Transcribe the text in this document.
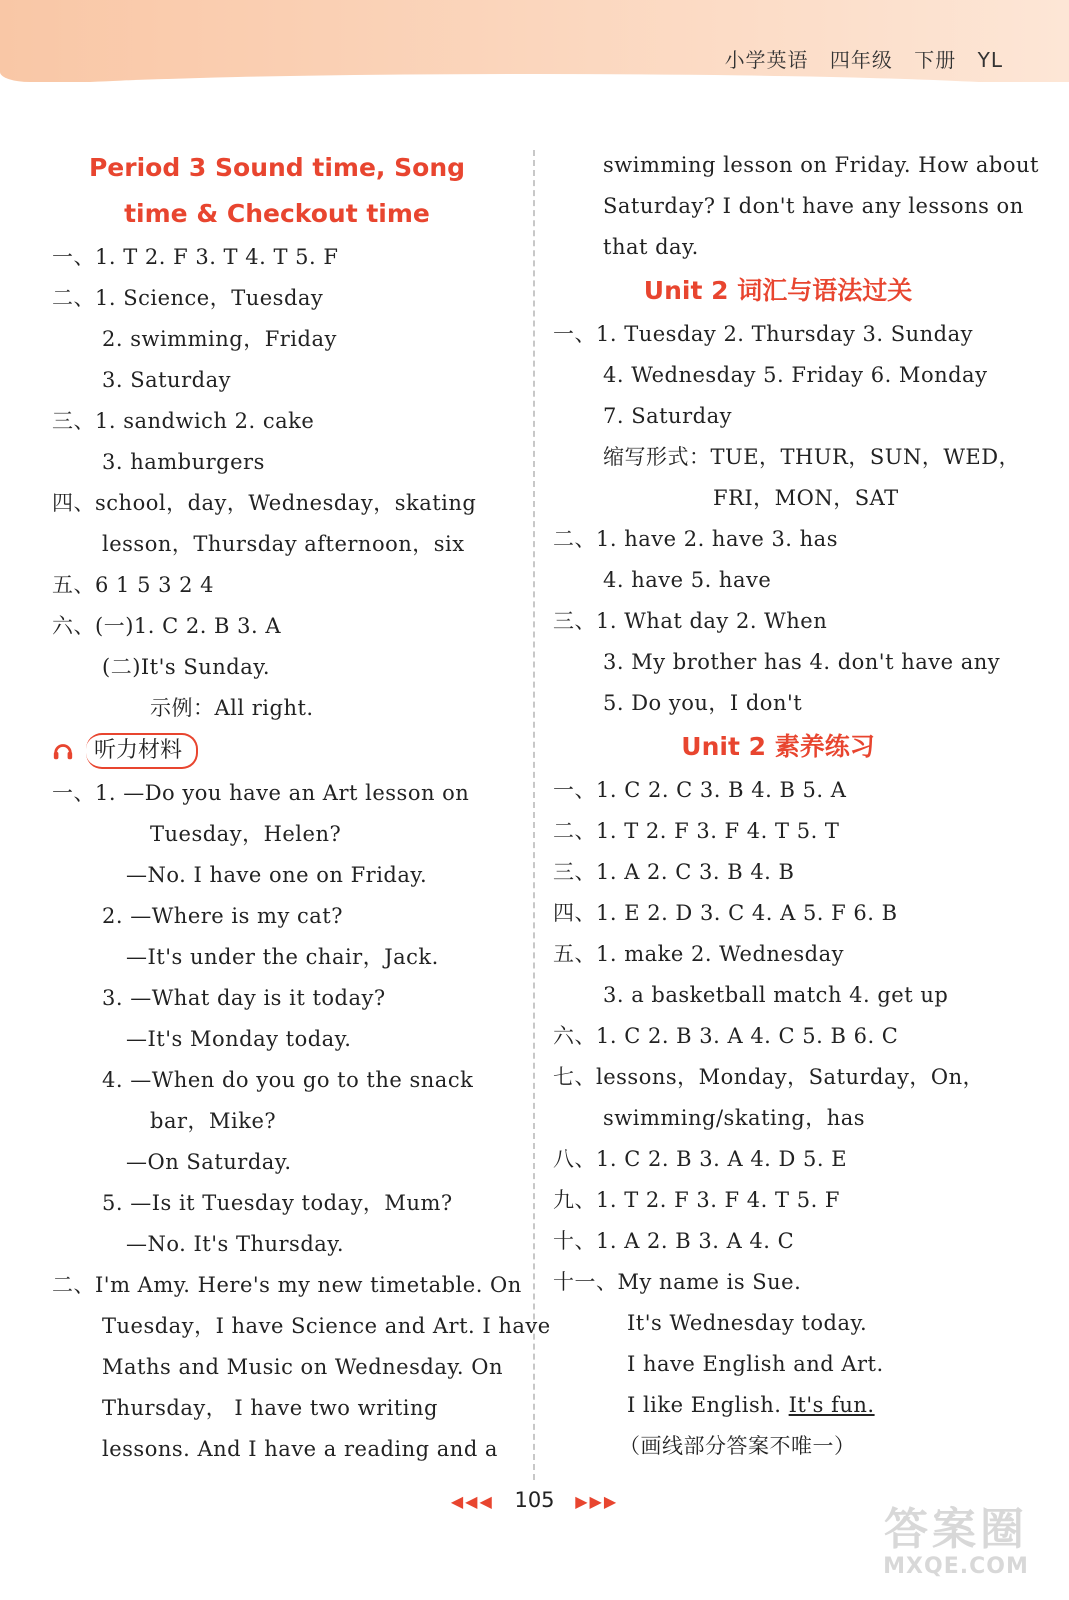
小学英语 四年级 下册 YL
Period 3 Sound time, Song
time & Checkout time
一、1. T 2. F 3. T 4. T 5. F
二、1. Science，Tuesday
2. swimming，Friday
3. Saturday
三、1. sandwich 2. cake
3. hamburgers
四、school，day，Wednesday，skating
lesson，Thursday afternoon，six
五、6 1 5 3 2 4
六、(一)1. C 2. B 3. A
(二)It's Sunday.
示例：All right.
听力材料
一、1. —Do you have an Art lesson on
Tuesday，Helen?
—No. I have one on Friday.
2. —Where is my cat?
—It's under the chair，Jack.
3. —What day is it today?
—It's Monday today.
4. —When do you go to the snack
bar，Mike?
—On Saturday.
5. —Is it Tuesday today，Mum?
—No. It's Thursday.
二、I'm Amy. Here's my new timetable. On
Tuesday，I have Science and Art. I have
Maths and Music on Wednesday. On
Thursday， I have two writing
lessons. And I have a reading and a
swimming lesson on Friday. How about
Saturday? I don't have any lessons on
that day.
Unit 2 词汇与语法过关
一、1. Tuesday 2. Thursday 3. Sunday
4. Wednesday 5. Friday 6. Monday
7. Saturday
缩写形式：TUE，THUR，SUN，WED，
FRI，MON，SAT
二、1. have 2. have 3. has
4. have 5. have
三、1. What day 2. When
3. My brother has 4. don't have any
5. Do you，I don't
Unit 2 素养练习
一、1. C 2. C 3. B 4. B 5. A
二、1. T 2. F 3. F 4. T 5. T
三、1. A 2. C 3. B 4. B
四、1. E 2. D 3. C 4. A 5. F 6. B
五、1. make 2. Wednesday
3. a basketball match 4. get up
六、1. C 2. B 3. A 4. C 5. B 6. C
七、lessons，Monday，Saturday，On，
swimming/skating，has
八、1. C 2. B 3. A 4. D 5. E
九、1. T 2. F 3. F 4. T 5. F
十、1. A 2. B 3. A 4. C
十一、My name is Sue.
It's Wednesday today.
I have English and Art.
I like English. It's fun.
（画线部分答案不唯一）
◀◀◀ 105 ▶▶▶
答案圈
MXQE.COM
